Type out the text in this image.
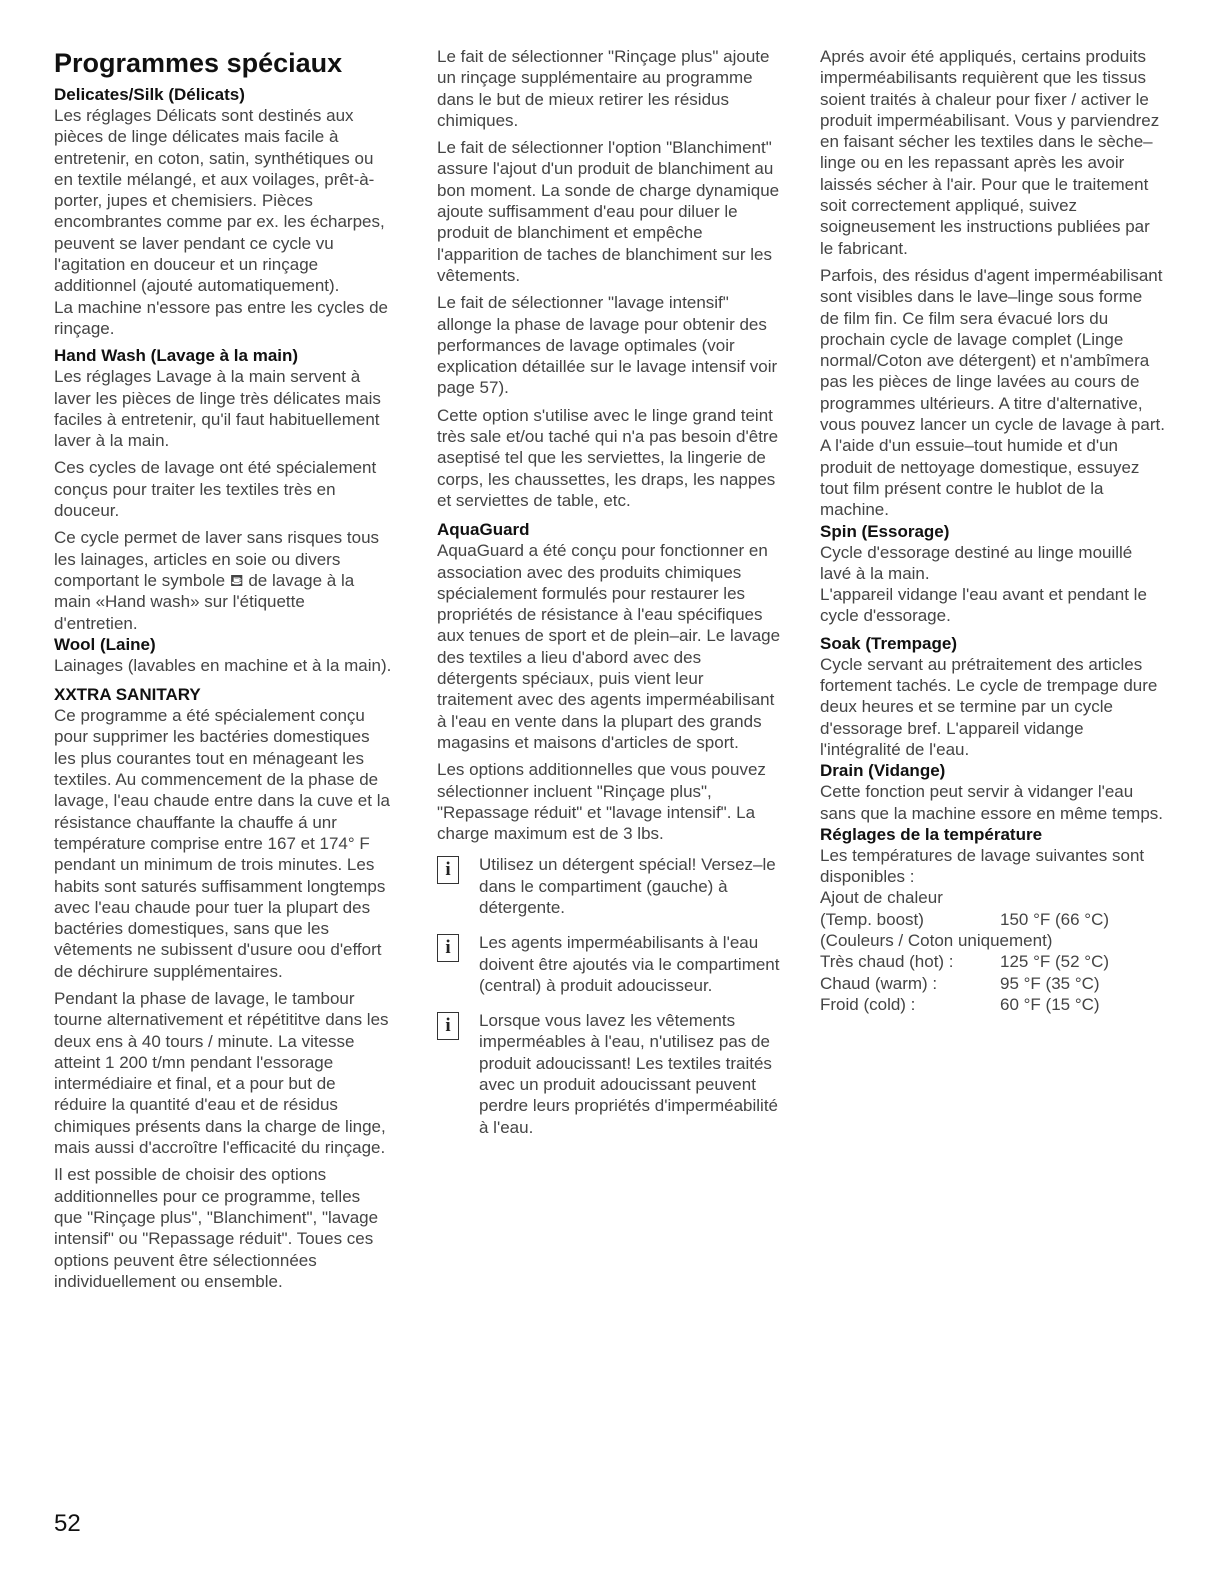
Programmes spéciaux
Delicates/Silk (Délicats)

Les réglages Délicats sont destinés aux pièces de linge délicates mais facile à entretenir, en coton, satin, synthétiques ou en textile mélangé, et aux voilages, prêt-à-porter, jupes et chemisiers. Pièces encombrantes comme par ex. les écharpes, peuvent se laver pendant ce cycle vu l'agitation en douceur et un rinçage additionnel (ajouté automatiquement).

La machine n'essore pas entre les cycles de rinçage.

Hand Wash (Lavage à la main)

Les réglages Lavage à la main servent à laver les pièces de linge très délicates mais faciles à entretenir, qu'il faut habituellement laver à la main.

Ces cycles de lavage ont été spécialement conçus pour traiter les textiles très en douceur.

Ce cycle permet de laver sans risques tous les lainages, articles en soie ou divers comportant le symbole ⛾ de lavage à la main «Hand wash» sur l'étiquette d'entretien.

Wool (Laine)

Lainages (lavables en machine et à la main).

XXTRA SANITARY

Ce programme a été spécialement conçu pour supprimer les bactéries domestiques les plus courantes tout en ménageant les textiles. Au commencement de la phase de lavage, l'eau chaude entre dans la cuve et la résistance chauffante la chauffe á unr température comprise entre 167 et 174° F pendant un minimum de trois minutes. Les habits sont saturés suffisamment longtemps avec l'eau chaude pour tuer la plupart des bactéries domestiques, sans que les vêtements ne subissent d'usure oou d'effort de déchirure supplémentaires.

Pendant la phase de lavage, le tambour tourne alternativement et répétititve dans les deux ens à 40 tours / minute. La vitesse atteint 1 200 t/mn pendant l'essorage intermédiaire et final, et a pour but de réduire la quantité d'eau et de résidus chimiques présents dans la charge de linge, mais aussi d'accroître l'efficacité du rinçage.

Il est possible de choisir des options additionnelles pour ce programme, telles que "Rinçage plus", "Blanchiment", "lavage intensif" ou "Repassage réduit". Toues ces options peuvent être sélectionnées individuellement ou ensemble.

Le fait de sélectionner "Rinçage plus" ajoute un rinçage supplémentaire au programme dans le but de mieux retirer les résidus chimiques.

Le fait de sélectionner l'option "Blanchiment" assure l'ajout d'un produit de blanchiment au bon moment. La sonde de charge dynamique ajoute suffisamment d'eau pour diluer le produit de blanchiment et empêche l'apparition de taches de blanchiment sur les vêtements.

Le fait de sélectionner "lavage intensif" allonge la phase de lavage pour obtenir des performances de lavage optimales (voir explication détaillée sur le lavage intensif voir page 57).

Cette option s'utilise avec le linge grand teint très sale et/ou taché qui n'a pas besoin d'être aseptisé tel que les serviettes, la lingerie de corps, les chaussettes, les draps, les nappes et serviettes de table, etc.

AquaGuard

AquaGuard a été conçu pour fonctionner en association avec des produits chimiques spécialement formulés pour restaurer les propriétés de résistance à l'eau spécifiques aux tenues de sport et de plein–air. Le lavage des textiles a lieu d'abord avec des détergents spéciaux, puis vient leur traitement avec des agents imperméabilisant à l'eau en vente dans la plupart des grands magasins et maisons d'articles de sport.

Les options additionnelles que vous pouvez sélectionner incluent "Rinçage plus", "Repassage réduit" et "lavage intensif". La charge maximum est de 3 lbs.

i	Utilisez un détergent spécial! Versez–le dans le compartiment (gauche) à détergente.

i	Les agents imperméabilisants à l'eau doivent être ajoutés via le compartiment (central) à produit adoucisseur.

i	Lorsque vous lavez les vêtements imperméables à l'eau, n'utilisez pas de produit adoucissant! Les textiles traités avec un produit adoucissant peuvent perdre leurs propriétés d'imperméabilité à l'eau.

Aprés avoir été appliqués, certains produits imperméabilisants requièrent que les tissus soient traités à chaleur pour fixer / activer le produit imperméabilisant. Vous y parviendrez en faisant sécher les textiles dans le sèche–linge ou en les repassant après les avoir laissés sécher à l'air. Pour que le traitement soit correctement appliqué, suivez soigneusement les instructions publiées par le fabricant.

Parfois, des résidus d'agent imperméabilisant sont visibles dans le lave–linge sous forme de film fin. Ce film sera évacué lors du prochain cycle de lavage complet (Linge normal/Coton ave détergent) et n'ambîmera pas les pièces de linge lavées au cours de programmes ultérieurs. A titre d'alternative, vous pouvez lancer un cycle de lavage à part. A l'aide d'un essuie–tout humide et d'un produit de nettoyage domestique, essuyez tout film présent contre le hublot de la machine.

Spin (Essorage)

Cycle d'essorage destiné au linge mouillé lavé à la main.

L'appareil vidange l'eau avant et pendant le cycle d'essorage.

Soak (Trempage)

Cycle servant au prétraitement des articles fortement tachés. Le cycle de trempage dure deux heures et se termine par un cycle d'essorage bref. L'appareil vidange l'intégralité de l'eau.

Drain (Vidange)

Cette fonction peut servir à vidanger l'eau sans que la machine essore en même temps.

Réglages de la température

Les températures de lavage suivantes sont disponibles :

Ajout de chaleur
(Temp. boost)	150 °F (66 °C)
(Couleurs / Coton uniquement)
Très chaud (hot) :	125 °F (52 °C)
Chaud (warm) :	95 °F (35 °C)
Froid (cold) :	60 °F (15 °C)
52
